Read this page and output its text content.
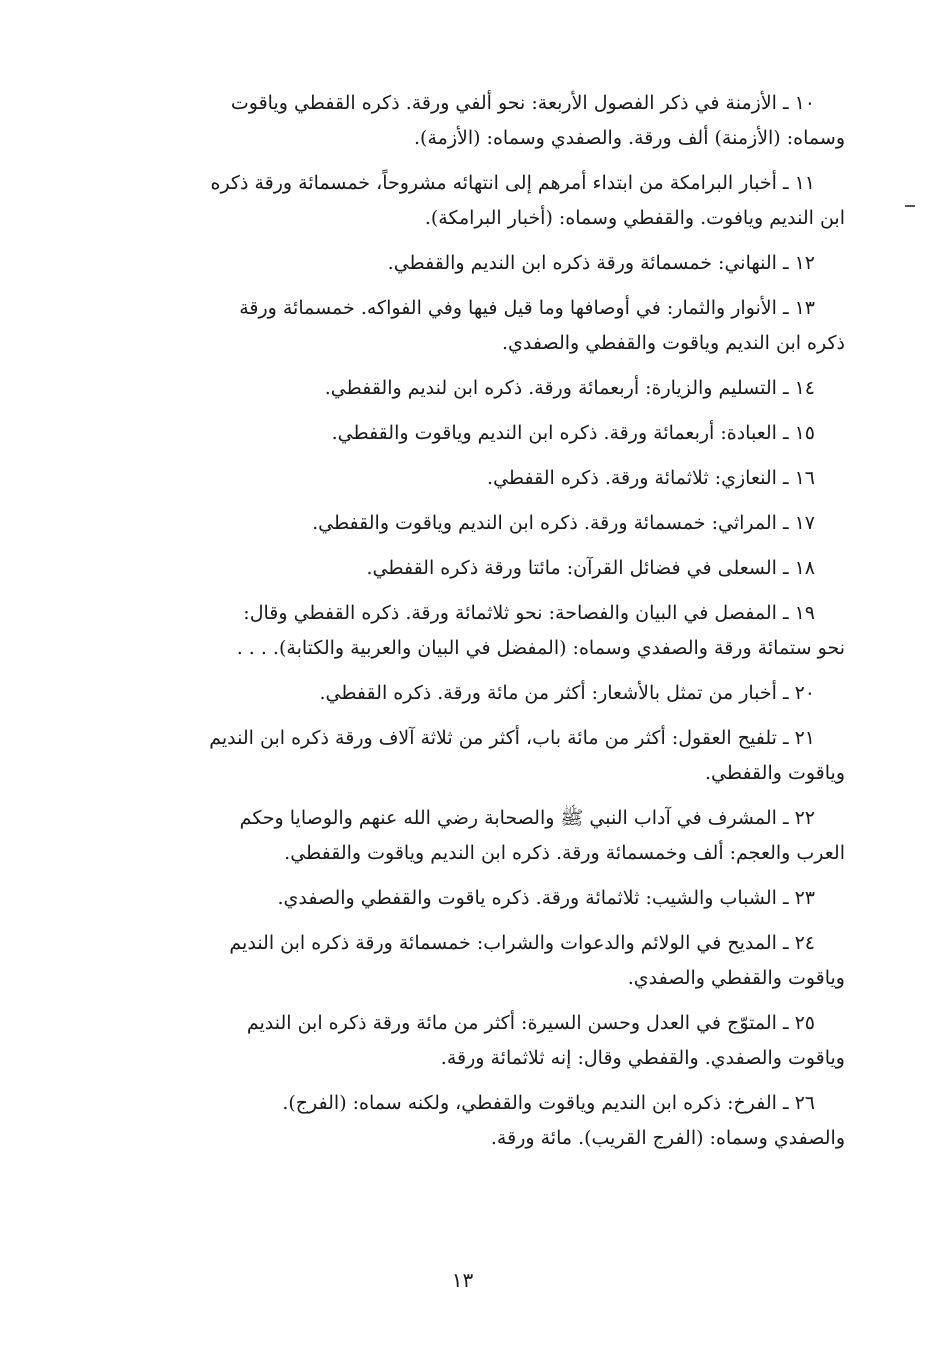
١٠ ـ الأزمنة في ذكر الفصول الأربعة: نحو ألفي ورقة. ذكره القفطي وياقوت
وسماه: (الأزمنة) ألف ورقة. والصفدي وسماه: (الأزمة).

١١ ـ أخبار البرامكة من ابتداء أمرهم إلى انتهائه مشروحاً، خمسمائة ورقة ذكره
ابن النديم ويافوت. والقفطي وسماه: (أخبار البرامكة).

١٢ ـ النهاني: خمسمائة ورقة ذكره ابن النديم والقفطي.

١٣ ـ الأنوار والثمار: في أوصافها وما قيل فيها وفي الفواكه. خمسمائة ورقة
ذكره ابن النديم وياقوت والقفطي والصفدي.

١٤ ـ التسليم والزيارة: أربعمائة ورقة. ذكره ابن لنديم والقفطي.

١٥ ـ العبادة: أربعمائة ورقة. ذكره ابن النديم وياقوت والقفطي.

١٦ ـ النعازي: ثلاثمائة ورقة. ذكره القفطي.

١٧ ـ المراثي: خمسمائة ورقة. ذكره ابن النديم وياقوت والقفطي.

١٨ ـ السعلى في فضائل القرآن: مائتا ورقة ذكره القفطي.

١٩ ـ المفصل في البيان والفصاحة: نحو ثلاثمائة ورقة. ذكره القفطي وقال:
نحو ستمائة ورقة والصفدي وسماه: (المفضل في البيان والعربية والكتابة). . . .

٢٠ ـ أخبار من تمثل بالأشعار: أكثر من مائة ورقة. ذكره القفطي.

٢١ ـ تلفيح العقول: أكثر من مائة باب، أكثر من ثلاثة آلاف ورقة ذكره ابن النديم
وياقوت والقفطي.

٢٢ ـ المشرف في آداب النبي ﷺ والصحابة رضي الله عنهم والوصايا وحكم
العرب والعجم: ألف وخمسمائة ورقة. ذكره ابن النديم وياقوت والقفطي.

٢٣ ـ الشباب والشيب: ثلاثمائة ورقة. ذكره ياقوت والقفطي والصفدي.

٢٤ ـ المديح في الولائم والدعوات والشراب: خمسمائة ورقة ذكره ابن النديم
وياقوت والقفطي والصفدي.

٢٥ ـ المتوّج في العدل وحسن السيرة: أكثر من مائة ورقة ذكره ابن النديم
وياقوت والصفدي. والقفطي وقال: إنه ثلاثمائة ورقة.

٢٦ ـ الفرخ: ذكره ابن النديم وياقوت والقفطي، ولكنه سماه: (الفرج).
والصفدي وسماه: (الفرج القريب). مائة ورقة.

١٣
